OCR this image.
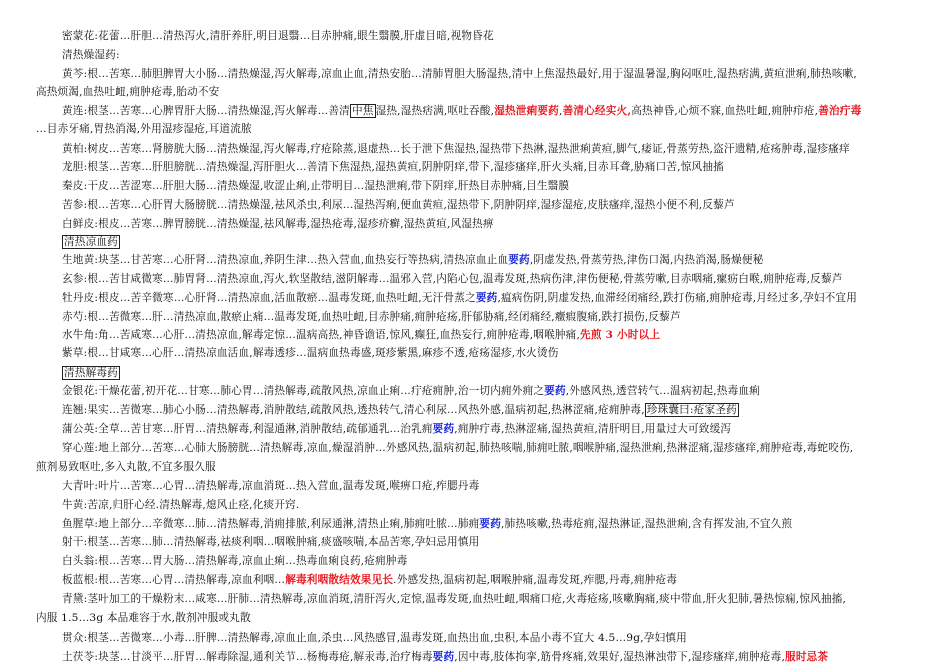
密蒙花:花蕾…肝胆…清热泻火,清肝养肝,明目退翳…目赤肿痛,眼生翳膜,肝虚目暗,视物昏花
清热燥湿药:
黄芩:根…苦寒…肺胆脾胃大小肠…清热燥湿,泻火解毒,凉血止血,清热安胎…清肺胃胆大肠湿热,清中上焦湿热最好,用于湿温暑湿,胸闷呕吐,湿热痞满,黄疸泄痢,肺热咳嗽,
高热烦渴,血热吐衄,痈肿疮毒,胎动不安
黄连:根茎…苦寒…心脾胃肝大肠…清热燥湿,泻火解毒…善清 中焦 湿热,湿热痞满,呕吐吞酸,湿热泄痢要药,善清心经实火,高热神昏,心烦不寐,血热吐衄,痈肿疖疮,善治疔毒
…目赤牙痛,胃热消渴,外用湿疹湿疮,耳道流脓
黄柏:树皮…苦寒…肾膀胱大肠…清热燥湿,泻火解毒,疗疮除蒸,退虚热…长于泄下焦湿热,湿热带下热淋,湿热泄痢黄疸,脚气,痿证,骨蒸劳热,盗汗遗精,疮疡肿毒,湿疹瘙痒
龙胆:根茎…苦寒…肝胆膀胱…清热燥湿,泻肝胆火…善清下焦湿热,湿热黄疸,阴肿阴痒,带下,湿疹瘙痒,肝火头痛,目赤耳聋,胁痛口苦,惊风抽搐
秦皮:干皮…苦涩寒…肝胆大肠…清热燥湿,收涩止痢,止带明目…湿热泄痢,带下阴痒,肝热目赤肿痛,目生翳膜
苦参:根…苦寒…心肝胃大肠膀胱…清热燥湿,祛风杀虫,利尿…湿热泻痢,便血黄疸,湿热带下,阴肿阴痒,湿疹湿疮,皮肤瘙痒,湿热小便不利,反藜芦
白鲜皮:根皮…苦寒…脾胃膀胱…清热燥湿,祛风解毒,湿热疮毒,湿疹疥癣,湿热黄疸,风湿热痹
清热凉血药
生地黄:块茎…甘苦寒…心肝肾…清热凉血,养阴生津…热入营血,血热妄行等热病,清热凉血止血要药,阴虚发热,骨蒸劳热,津伤口渴,内热消渴,肠燥便秘
玄参:根…苦甘咸微寒…肺胃肾…清热凉血,泻火,软坚散结,滋阴解毒…温邪入营,内陷心包,温毒发斑,热病伤津,津伤便秘,骨蒸劳嗽,目赤咽痛,瘰疬白喉,痈肿疮毒,反藜芦
牡丹皮:根皮…苦辛微寒…心肝肾…清热凉血,活血散瘀…温毒发斑,血热吐衄,无汗骨蒸之要药,瘟病伤阴,阴虚发热,血滞经闭痛经,跌打伤痛,痈肿疮毒,月经过多,孕妇不宜用
赤芍:根…苦微寒…肝…清热凉血,散瘀止痛…温毒发斑,血热吐衄,目赤肿痛,痈肿疮疡,肝郁胁痛,经闭痛经,癥瘕腹痛,跌打损伤,反藜芦
水牛角:角…苦咸寒…心肝…清热凉血,解毒定惊…温病高热,神昏谵语,惊风,癫狂,血热妄行,痈肿疮毒,咽喉肿痛,先煎 3 小时以上
紫草:根…甘咸寒…心肝…清热凉血活血,解毒透疹…温病血热毒盛,斑疹紫黑,麻疹不透,疮疡湿疹,水火烫伤
清热解毒药
金银花:干燥花蕾,初开花…甘寒…肺心胃…清热解毒,疏散风热,凉血止痢…疔疮痈肿,治一切内痈外痈之要药,外感风热,透营转气…温病初起,热毒血痢
连翘:果实…苦微寒…肺心小肠…清热解毒,消肿散结,疏散风热,透热转气,清心利尿…风热外感,温病初起,热淋涩痛,疮痈肿毒, 珍珠囊曰:疮家圣药
蒲公英:全草…苦甘寒…肝胃…清热解毒,利湿通淋,消肿散结,疏郁通乳…治乳痈要药,痈肿疔毒,热淋涩痛,湿热黄疸,清肝明目,用量过大可致缓泻
穿心莲:地上部分…苦寒…心肺大肠膀胱…清热解毒,凉血,燥湿消肿…外感风热,温病初起,肺热咳喘,肺痈吐脓,咽喉肿痛,湿热泄痢,热淋涩痛,湿疹瘙痒,痈肿疮毒,毒蛇咬伤,
煎剂易致呕吐,多入丸散,不宜多服久服
大青叶:叶片…苦寒…心胃…清热解毒,凉血消斑…热入营血,温毒发斑,喉痹口疮,痄腮丹毒
牛黄:苦凉,归肝心经.清热解毒,熄风止痉,化痰开窍.
鱼腥草:地上部分…辛微寒…肺…清热解毒,消痈排脓,利尿通淋,清热止痢,肺痈吐脓…肺痈要药,肺热咳嗽,热毒疮痈,湿热淋证,湿热泄痢,含有挥发油,不宜久煎
射干:根茎…苦寒…肺…清热解毒,祛痰利咽…咽喉肿痛,痰盛咳喘,本品苦寒,孕妇忌用慎用
白头翁:根…苦寒…胃大肠…清热解毒,凉血止痢…热毒血痢良药,疮痈肿毒
板蓝根:根…苦寒…心胃…清热解毒,凉血利咽…解毒利咽散结效果见长.外感发热,温病初起,咽喉肿痛,温毒发斑,痄腮,丹毒,痈肿疮毒
青黛:茎叶加工的干燥粉末…咸寒…肝肺…清热解毒,凉血消斑,清肝泻火,定惊,温毒发斑,血热吐衄,咽痛口疮,火毒疮疡,咳嗽胸痛,痰中带血,肝火犯肺,暑热惊痫,惊风抽搐,
内服 1.5…3g 本品难容于水,散剂冲服或丸散
贯众:根茎…苦微寒…小毒…肝脾…清热解毒,凉血止血,杀虫…风热感冒,温毒发斑,血热出血,虫积,本品小毒不宜大 4.5…9g,孕妇慎用
土茯苓:块茎…甘淡平…肝胃…解毒除湿,通利关节…杨梅毒疮,解汞毒,治疗梅毒要药,因中毒,肢体拘挛,筋骨疼痛,效果好,湿热淋浊带下,湿疹瘙痒,痈肿疮毒,服时忌茶
